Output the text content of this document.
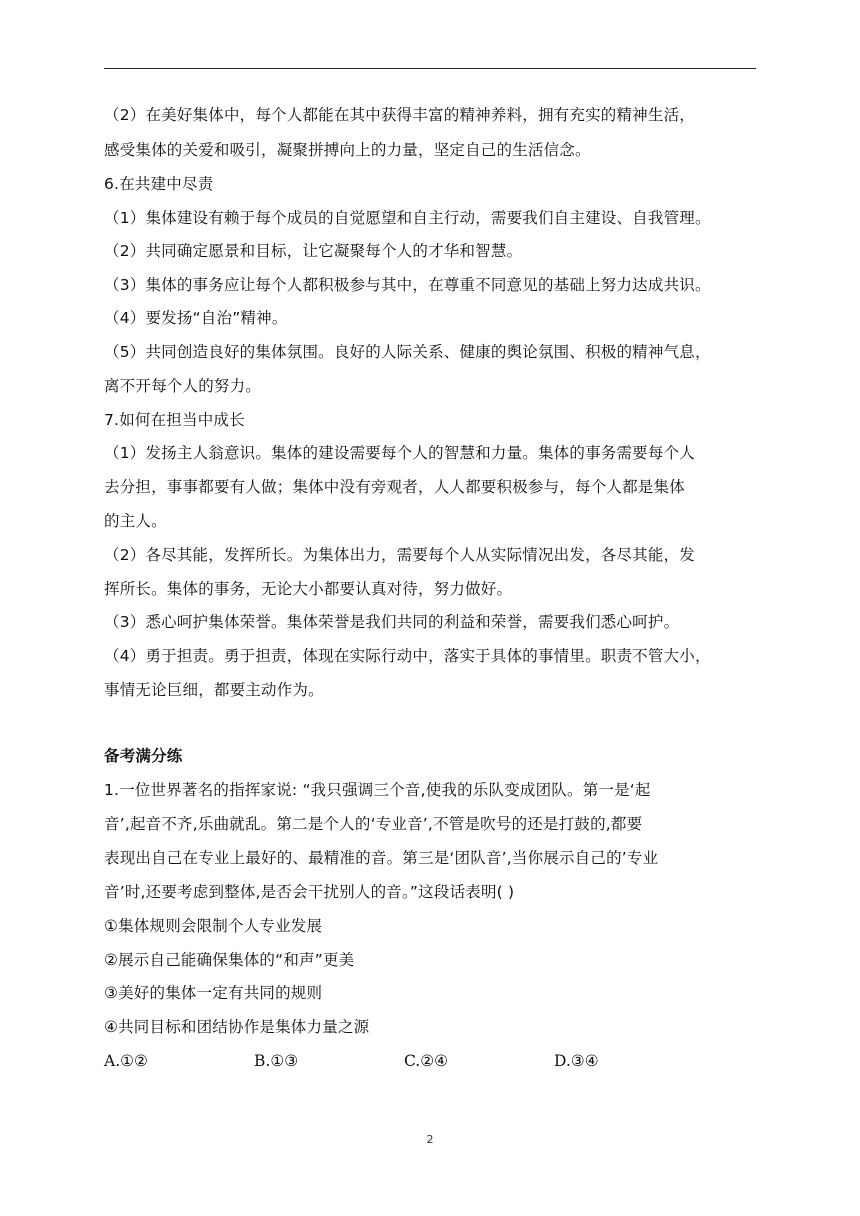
（2）在美好集体中，每个人都能在其中获得丰富的精神养料，拥有充实的精神生活，
感受集体的关爱和吸引，凝聚拼搏向上的力量，坚定自己的生活信念。
6.在共建中尽责
（1）集体建设有赖于每个成员的自觉愿望和自主行动，需要我们自主建设、自我管理。
（2）共同确定愿景和目标，让它凝聚每个人的才华和智慧。
（3）集体的事务应让每个人都积极参与其中，在尊重不同意见的基础上努力达成共识。
（4）要发扬“自治”精神。
（5）共同创造良好的集体氛围。良好的人际关系、健康的舆论氛围、积极的精神气息，
离不开每个人的努力。
7.如何在担当中成长
（1）发扬主人翁意识。集体的建设需要每个人的智慧和力量。集体的事务需要每个人
去分担，事事都要有人做；集体中没有旁观者，人人都要积极参与，每个人都是集体
的主人。
（2）各尽其能，发挥所长。为集体出力，需要每个人从实际情况出发，各尽其能，发
挥所长。集体的事务，无论大小都要认真对待，努力做好。
（3）悉心呵护集体荣誉。集体荣誉是我们共同的利益和荣誉，需要我们悉心呵护。
（4）勇于担责。勇于担责，体现在实际行动中，落实于具体的事情里。职责不管大小，
事情无论巨细，都要主动作为。
备考满分练
1.一位世界著名的指挥家说: “我只强调三个音,使我的乐队变成团队。第一是‘起
音’,起音不齐,乐曲就乱。第二是个人的‘专业音’,不管是吹号的还是打鼓的,都要
表现出自己在专业上最好的、最精准的音。第三是‘团队音’,当你展示自己的’专业
音’时,还要考虑到整体,是否会干扰别人的音。”这段话表明( )
①集体规则会限制个人专业发展
②展示自己能确保集体的“和声”更美
③美好的集体一定有共同的规则
④共同目标和团结协作是集体力量之源
A.①②	B.①③	C.②④	D.③④
2
